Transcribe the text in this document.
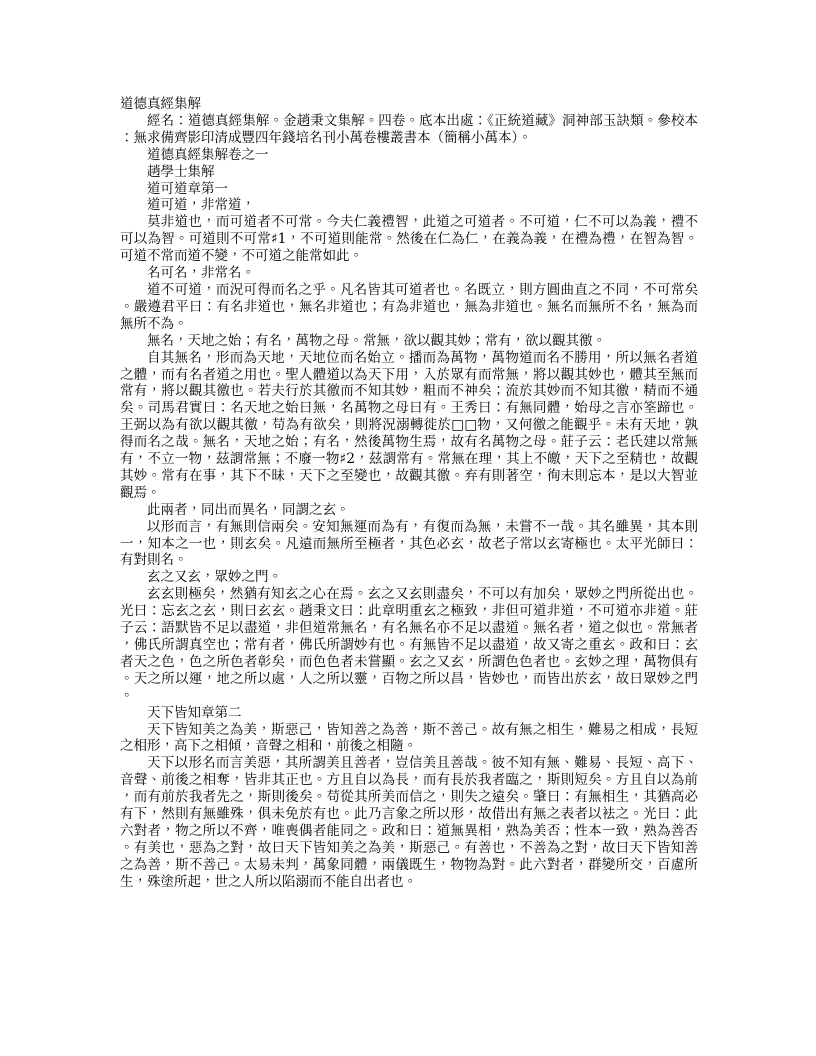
道德真經集解

經名：道德真經集解。金趙秉文集解。四卷。底本出處：《正統道藏》洞神部玉訣類。參校本：無求備齊影印清成豐四年錢培名刊小萬卷樓叢書本（簡稱小萬本）。

道德真經集解卷之一

趙學士集解

道可道章第一

道可道，非常道，

莫非道也，而可道者不可常。今夫仁義禮智，此道之可道者。不可道，仁不可以為義，禮不可以為智。可道則不可常♯1，不可道則能常。然後在仁為仁，在義為義，在禮為禮，在智為智。可道不常而道不變，不可道之能常如此。

名可名，非常名。

道不可道，而況可得而名之乎。凡名皆其可道者也。名既立，則方圓曲直之不同，不可常矣。嚴遵君平曰：有名非道也，無名非道也；有為非道也，無為非道也。無名而無所不名，無為而無所不為。

無名，天地之始；有名，萬物之母。常無，欲以觀其妙；常有，欲以觀其徼。

自其無名，形而為天地，天地位而名始立。播而為萬物，萬物道而名不勝用，所以無名者道之體，而有名者道之用也。聖人體道以為天下用，入於眾有而常無，將以觀其妙也，體其至無而常有，將以觀其徼也。若夫行於其徼而不知其妙，粗而不神矣；流於其妙而不知其徼，精而不通矣。司馬君實曰：名天地之始曰無，名萬物之母曰有。王秀曰：有無同體，始母之言亦筌蹄也。王弼以為有欲以觀其徼，苟為有欲矣，則將況溺轉徙於□□物，又何徼之能觀乎。未有天地，孰得而名之哉。無名，天地之始；有名，然後萬物生焉，故有名萬物之母。莊子云：老氏建以常無有，不立一物，茲謂常無；不廢一物♯2，茲謂常有。常無在理，其上不皦，天下之至精也，故觀其妙。常有在事，其下不昧，天下之至變也，故觀其徼。弃有則著空，徇末則忘本，是以大智並觀焉。

此兩者，同出而異名，同謂之玄。

以形而言，有無則信兩矣。安知無運而為有，有復而為無，未嘗不一哉。其名雖異，其本則一，知本之一也，則玄矣。凡遠而無所至極者，其色必玄，故老子常以玄寄極也。太平光師曰：有對則名。

玄之又玄，眾妙之門。

玄玄則極矣，然猶有知玄之心在焉。玄之又玄則盡矣，不可以有加矣，眾妙之門所從出也。光曰：忘玄之玄，則曰玄玄。趙秉文曰：此章明重玄之極致，非但可道非道，不可道亦非道。莊子云：語默皆不足以盡道，非但道常無名，有名無名亦不足以盡道。無名者，道之似也。常無者，佛氏所謂真空也；常有者，佛氏所謂妙有也。有無皆不足以盡道，故又寄之重玄。政和曰：玄者天之色，色之所色者彰矣，而色色者未嘗顯。玄之又玄，所謂色色者也。玄妙之理，萬物俱有。天之所以運，地之所以處，人之所以靈，百物之所以昌，皆妙也，而皆出於玄，故曰眾妙之門。

天下皆知章第二

天下皆知美之為美，斯惡己，皆知善之為善，斯不善己。故有無之相生，難易之相成，長短之相形，高下之相傾，音聲之相和，前後之相隨。

天下以形名而言美惡，其所謂美且善者，豈信美且善哉。彼不知有無、難易、長短、高下、音聲、前後之相奪，皆非其正也。方且自以為長，而有長於我者臨之，斯則短矣。方且自以為前，而有前於我者先之，斯則後矣。苟從其所美而信之，則失之遠矣。肇曰：有無相生，其猶高必有下，然則有無雖殊，俱未免於有也。此乃言象之所以形，故借出有無之表者以袪之。光曰：此六對者，物之所以不齊，唯喪偶者能同之。政和曰：道無異相，熟為美否；性本一致，熟為善否。有美也，惡為之對，故曰天下皆知美之為美，斯惡己。有善也，不善為之對，故曰天下皆知善之為善，斯不善己。太易未判，萬象同體，兩儀既生，物物為對。此六對者，群變所交，百慮所生，殊塗所起，世之人所以陷溺而不能自出者也。
